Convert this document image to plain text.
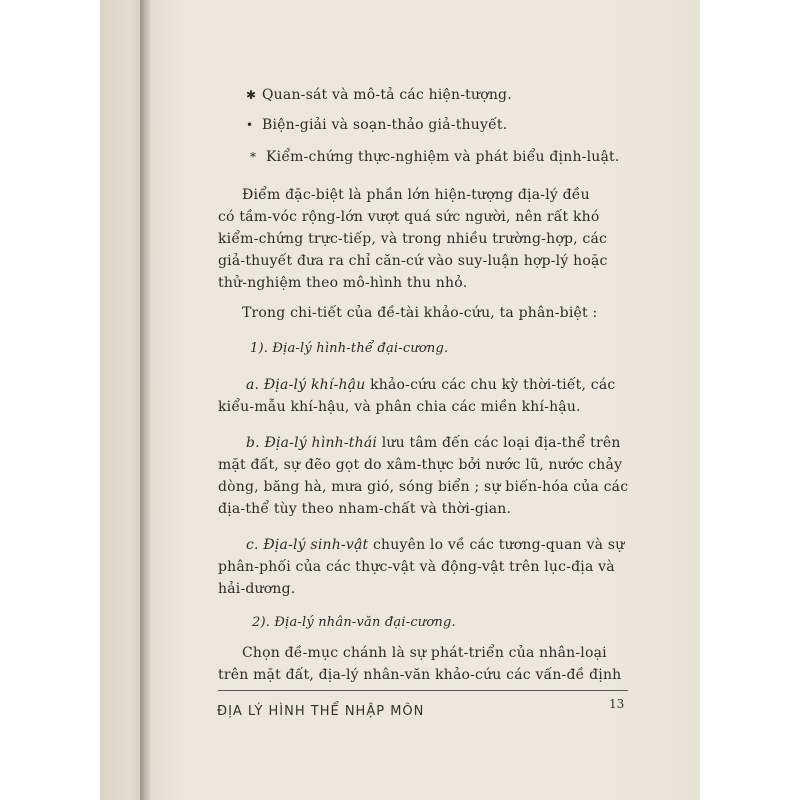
✱ Quan-sát và mô-tả các hiện-tượng.

• Biện-giải và soạn-thảo giả-thuyết.

* Kiểm-chứng thực-nghiệm và phát biểu định-luật.

Điểm đặc-biệt là phần lớn hiện-tượng địa-lý đều

có tầm-vóc rộng-lớn vượt quá sức người, nên rất khó

kiểm-chứng trực-tiếp, và trong nhiều trường-hợp, các

giả-thuyết đưa ra chỉ căn-cứ vào suy-luận hợp-lý hoặc

thử-nghiệm theo mô-hình thu nhỏ.

Trong chi-tiết của đề-tài khảo-cứu, ta phân-biệt :

1). Địa-lý hình-thể đại-cương.

a. Địa-lý khí-hậu khảo-cứu các chu kỳ thời-tiết, các

kiểu-mẫu khí-hậu, và phân chia các miền khí-hậu.

b. Địa-lý hình-thái lưu tâm đến các loại địa-thể trên

mặt đất, sự đẽo gọt do xâm-thực bởi nước lũ, nước chảy

dòng, băng hà, mưa gió, sóng biển ; sự biến-hóa của các

địa-thể tùy theo nham-chất và thời-gian.

c. Địa-lý sinh-vật chuyên lo về các tương-quan và sự

phân-phối của các thực-vật và động-vật trên lục-địa và

hải-dương.

2). Địa-lý nhân-văn đại-cương.

Chọn đề-mục chánh là sự phát-triển của nhân-loại

trên mặt đất, địa-lý nhân-văn khảo-cứu các vấn-đề định

ĐỊA LÝ HÌNH THỂ NHẬP MÔN	13
